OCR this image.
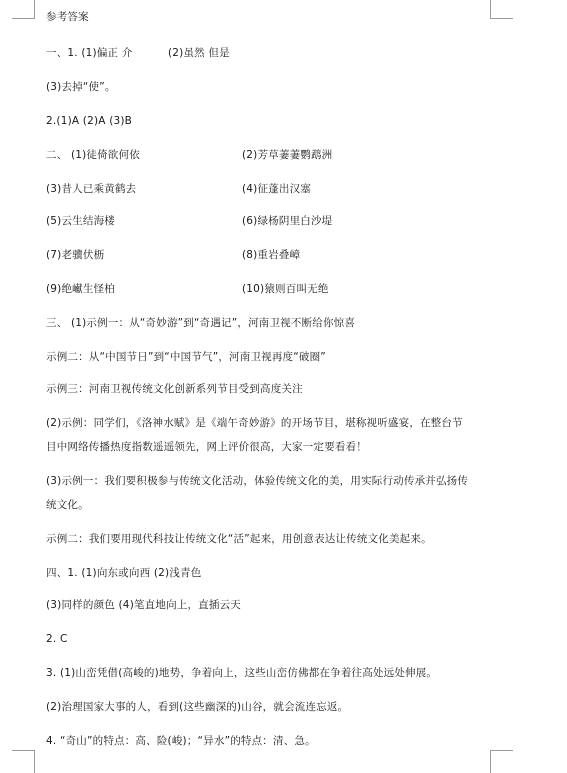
参考答案
一、1. (1)偏正 介	(2)虽然 但是
(3)去掉“使”。
2.(1)A (2)A (3)B
二、 (1)徒倚欲何依	(2)芳草萋萋鹦鹉洲
(3)昔人已乘黄鹤去	(4)征蓬出汉塞
(5)云生结海楼	(6)绿杨阴里白沙堤
(7)老骥伏枥	(8)重岩叠嶂
(9)绝𪩘生怪柏	(10)猿则百叫无绝
三、 (1)示例一：从“奇妙游”到“奇遇记”，河南卫视不断给你惊喜
示例二：从“中国节日”到“中国节气”，河南卫视再度“破圈”
示例三：河南卫视传统文化创新系列节目受到高度关注
(2)示例：同学们，《洛神水赋》是《端午奇妙游》的开场节目，堪称视听盛宴，在整台节
目中网络传播热度指数遥遥领先，网上评价很高，大家一定要看看！
(3)示例一：我们要积极参与传统文化活动，体验传统文化的美，用实际行动传承并弘扬传
统文化。
示例二：我们要用现代科技让传统文化“活”起来，用创意表达让传统文化美起来。
四、1. (1)向东或向西 (2)浅青色
(3)同样的颜色 (4)笔直地向上，直插云天
2. C
3. (1)山峦凭借(高峻的)地势，争着向上，这些山峦仿佛都在争着往高处远处伸展。
(2)治理国家大事的人，看到(这些幽深的)山谷，就会流连忘返。
4. “奇山”的特点：高、险(峻)；“异水”的特点：清、急。
